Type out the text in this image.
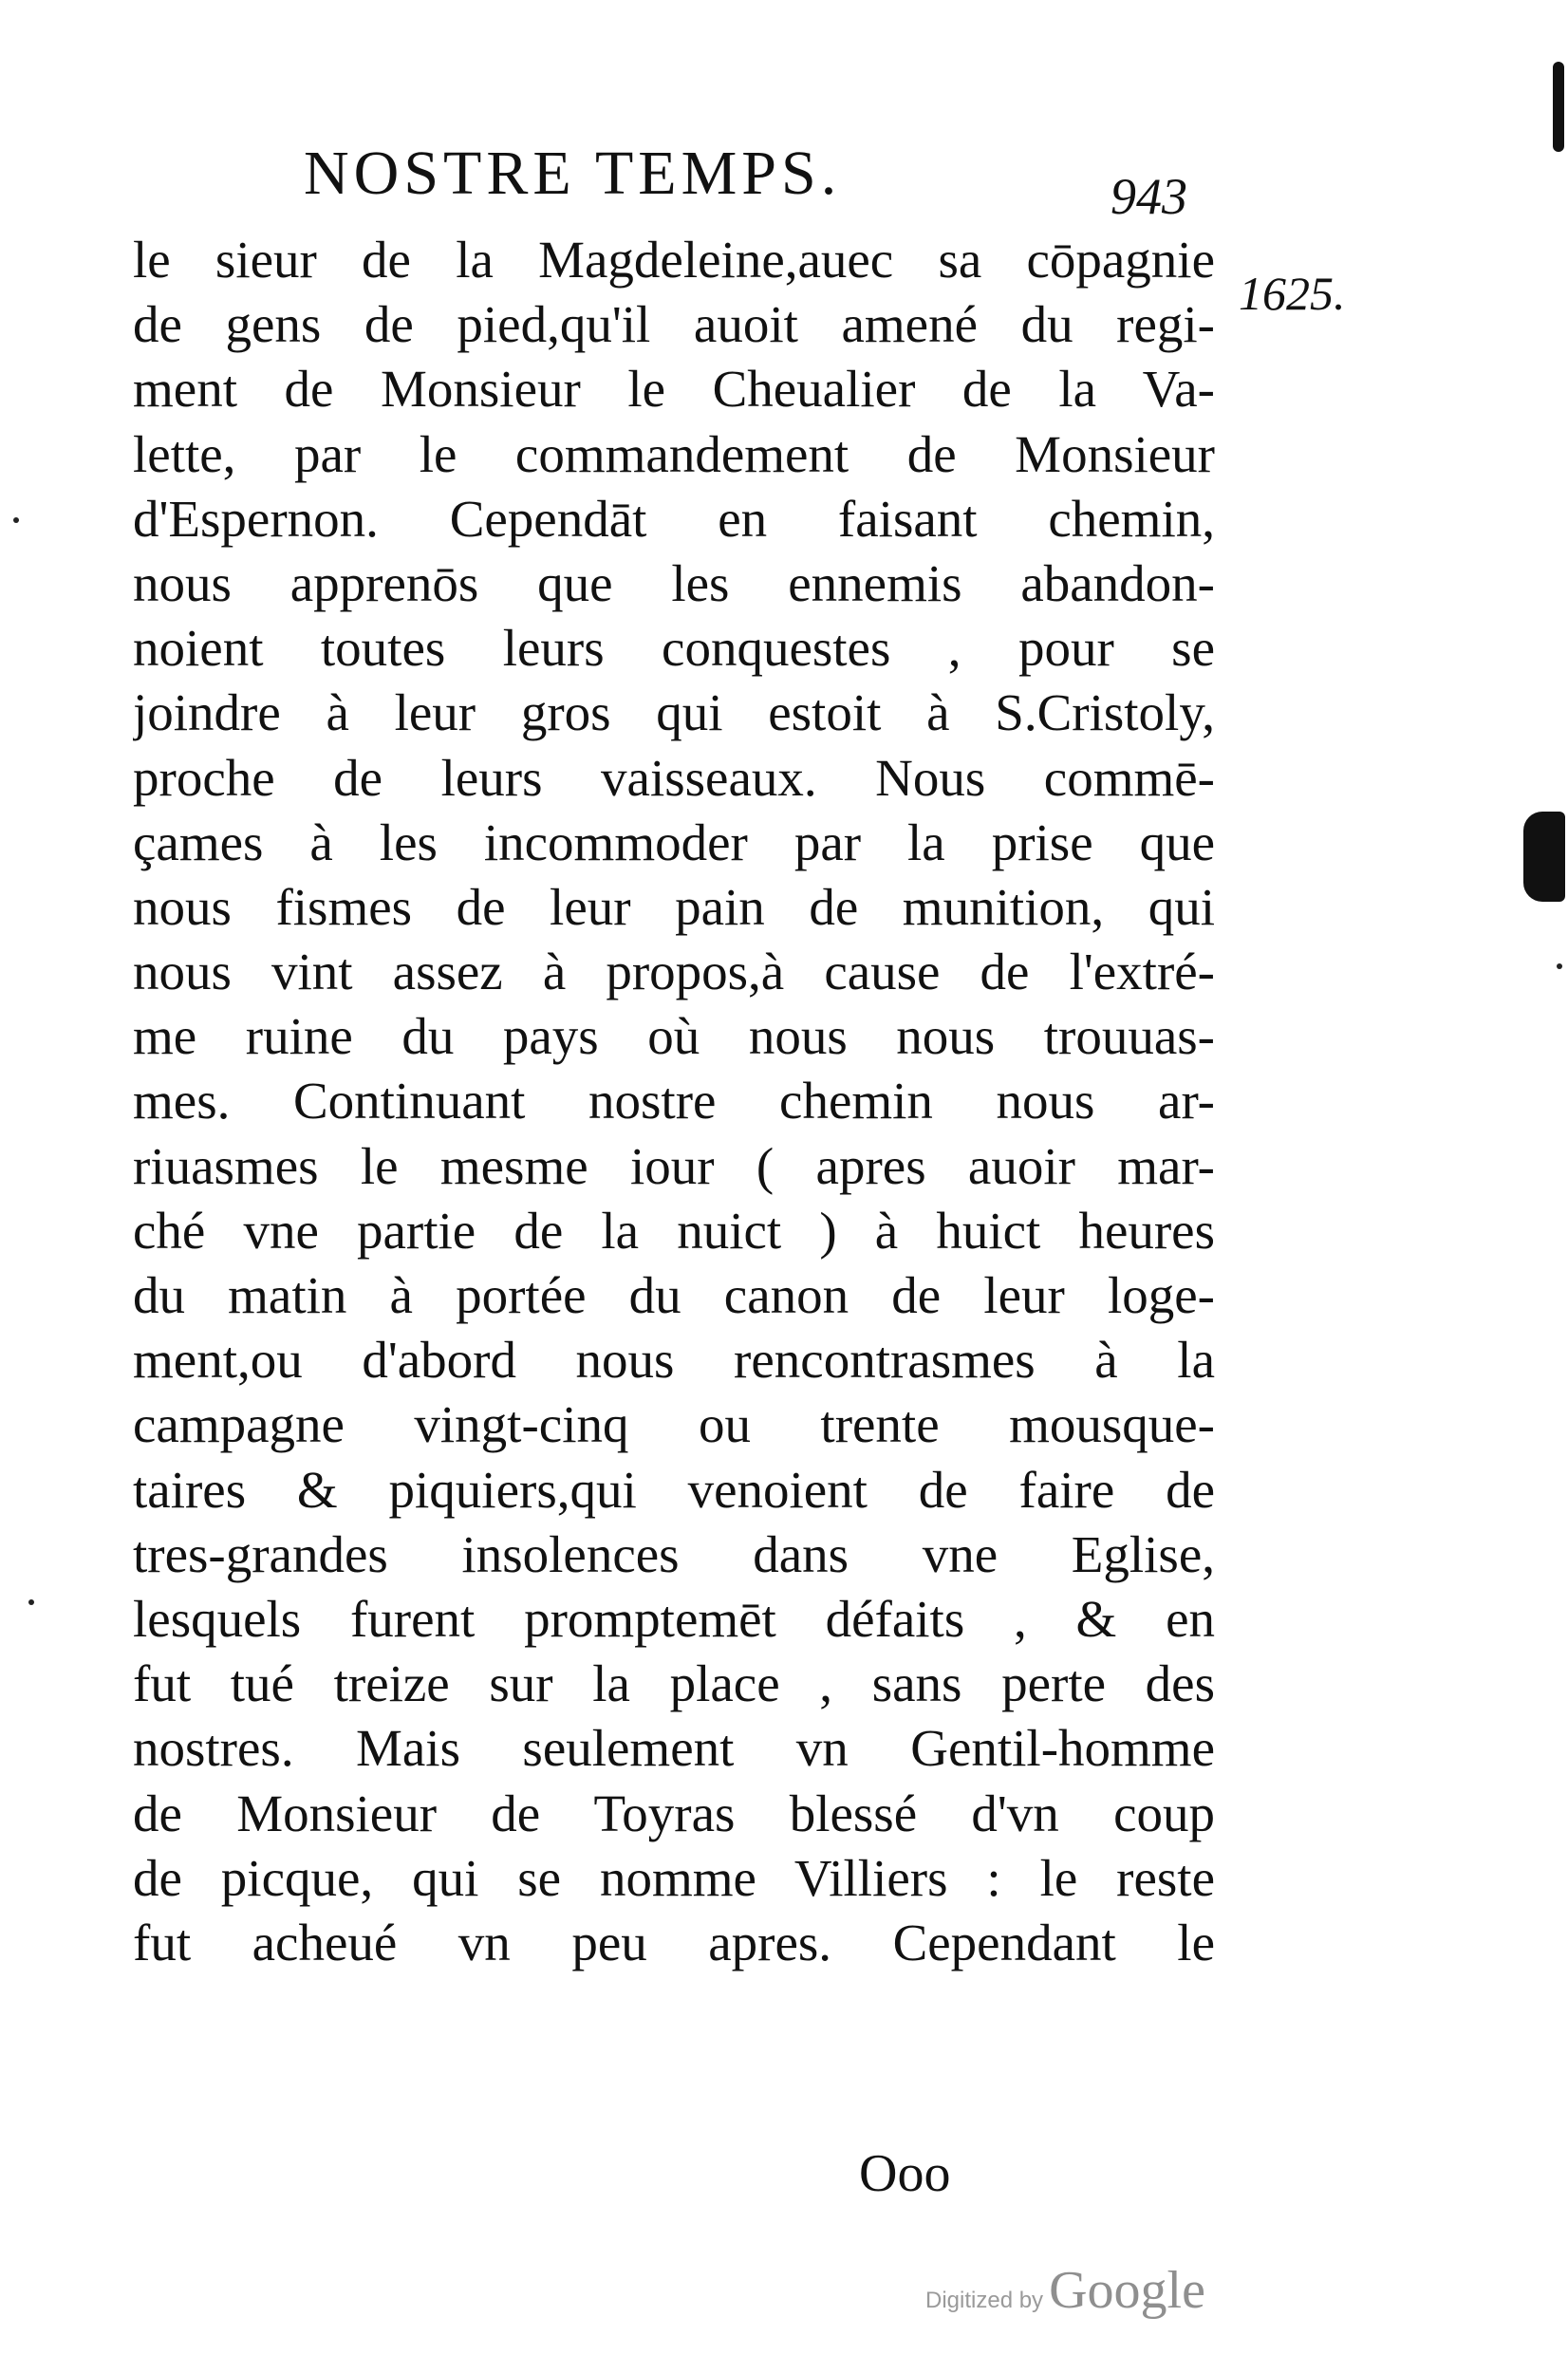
NOSTRE TEMPS.	943
1625.
le sieur de la Magdeleine,auec sa cōpagnie
de gens de pied,qu'il auoit amené du regi-
ment de Monsieur le Cheualier de la Va-
lette, par le commandement de Monsieur
d'Espernon. Cependāt en faisant chemin,
nous apprenōs que les ennemis abandon-
noient toutes leurs conquestes , pour se
joindre à leur gros qui estoit à S.Cristoly,
proche de leurs vaisseaux. Nous commē-
çames à les incommoder par la prise que
nous fismes de leur pain de munition, qui
nous vint assez à propos,à cause de l'extré-
me ruine du pays où nous nous trouuas-
mes. Continuant nostre chemin nous ar-
riuasmes le mesme iour ( apres auoir mar-
ché vne partie de la nuict ) à huict heures
du matin à portée du canon de leur loge-
ment,ou d'abord nous rencontrasmes à la
campagne vingt-cinq ou trente mousque-
taires & piquiers,qui venoient de faire de
tres-grandes insolences dans vne Eglise,
lesquels furent promptemēt défaits , & en
fut tué treize sur la place , sans perte des
nostres. Mais seulement vn Gentil-homme
de Monsieur de Toyras blessé d'vn coup
de picque, qui se nomme Villiers : le reste
fut acheué vn peu apres. Cependant le
Ooo
Digitized by Google
